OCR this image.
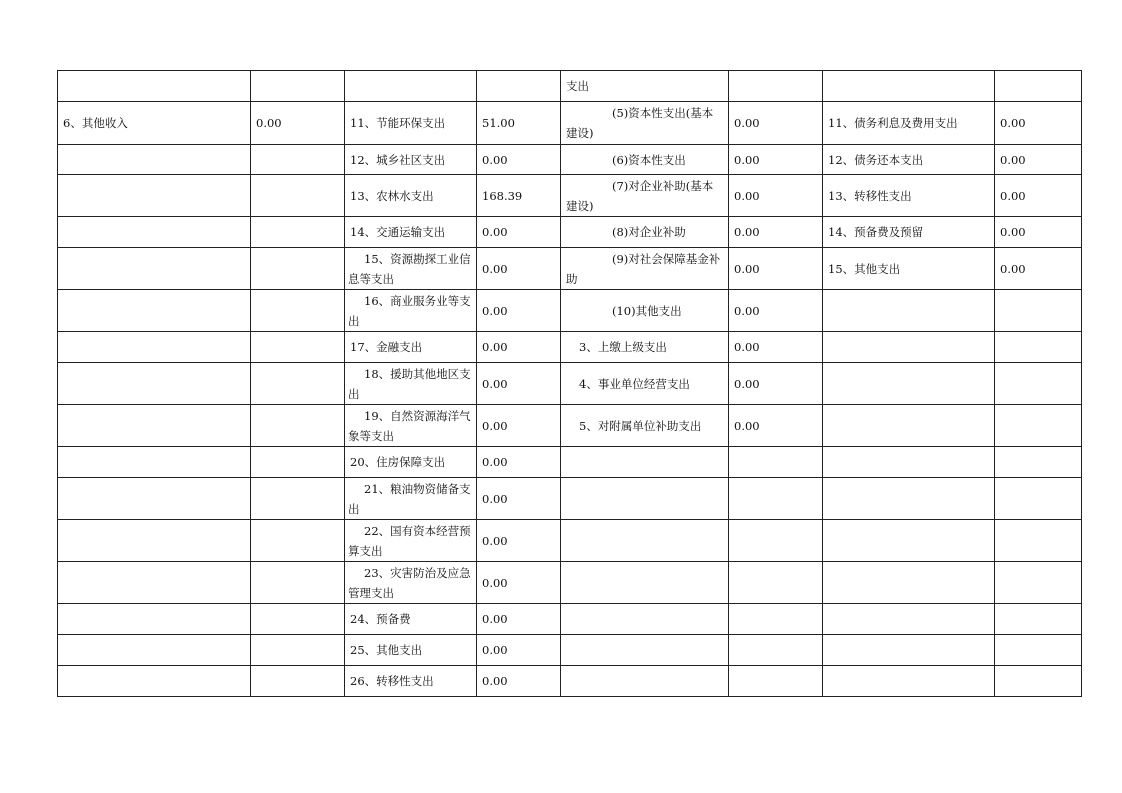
				支出			
6、其他收入	0.00	11、节能环保支出	51.00	(5)资本性支出(基本建设)	0.00	11、债务利息及费用支出	0.00
		12、城乡社区支出	0.00	(6)资本性支出	0.00	12、债务还本支出	0.00
		13、农林水支出	168.39	(7)对企业补助(基本建设)	0.00	13、转移性支出	0.00
		14、交通运输支出	0.00	(8)对企业补助	0.00	14、预备费及预留	0.00
		15、资源勘探工业信息等支出	0.00	(9)对社会保障基金补助	0.00	15、其他支出	0.00
		16、商业服务业等支出	0.00	(10)其他支出	0.00		
		17、金融支出	0.00	3、上缴上级支出	0.00		
		18、援助其他地区支出	0.00	4、事业单位经营支出	0.00		
		19、自然资源海洋气象等支出	0.00	5、对附属单位补助支出	0.00		
		20、住房保障支出	0.00				
		21、粮油物资储备支出	0.00				
		22、国有资本经营预算支出	0.00				
		23、灾害防治及应急管理支出	0.00				
		24、预备费	0.00				
		25、其他支出	0.00				
		26、转移性支出	0.00				
